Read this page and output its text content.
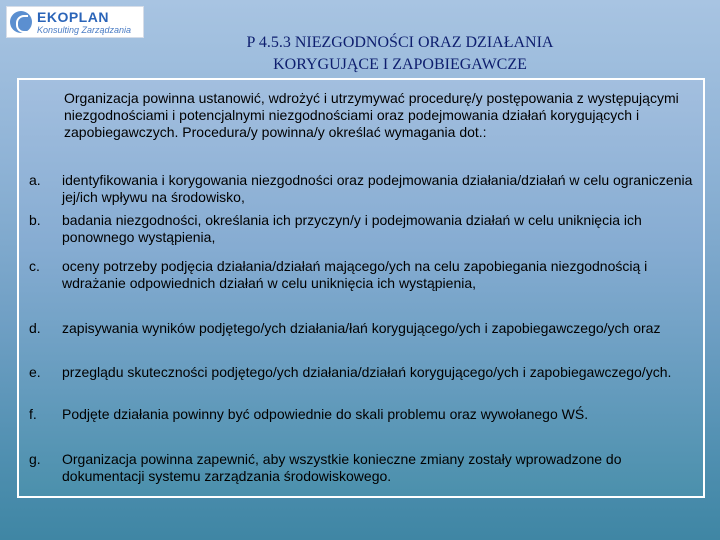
EKOPLAN
Konsulting Zarządzania
P 4.5.3 NIEZGODNOŚCI ORAZ DZIAŁANIA
KORYGUJĄCE I ZAPOBIEGAWCZE
Organizacja powinna ustanowić, wdrożyć i utrzymywać procedurę/y postępowania z występującymi niezgodnościami i potencjalnymi niezgodnościami oraz podejmowania działań korygujących i zapobiegawczych. Procedura/y powinna/y określać wymagania dot.:
a. identyfikowania i korygowania niezgodności oraz podejmowania działania/działań w celu ograniczenia jej/ich wpływu na środowisko,
b. badania niezgodności, określania ich przyczyn/y i podejmowania działań w celu uniknięcia ich ponownego wystąpienia,
c. oceny potrzeby podjęcia działania/działań mającego/ych na celu zapobiegania niezgodnością i wdrażanie odpowiednich działań w celu uniknięcia ich wystąpienia,
d. zapisywania wyników podjętego/ych działania/łań korygującego/ych i zapobiegawczego/ych oraz
e. przeglądu skuteczności podjętego/ych działania/działań korygującego/ych i zapobiegawczego/ych.
f. Podjęte działania powinny być odpowiednie do skali problemu oraz wywołanego WŚ.
g. Organizacja powinna zapewnić, aby wszystkie konieczne zmiany zostały wprowadzone do dokumentacji systemu zarządzania środowiskowego.
